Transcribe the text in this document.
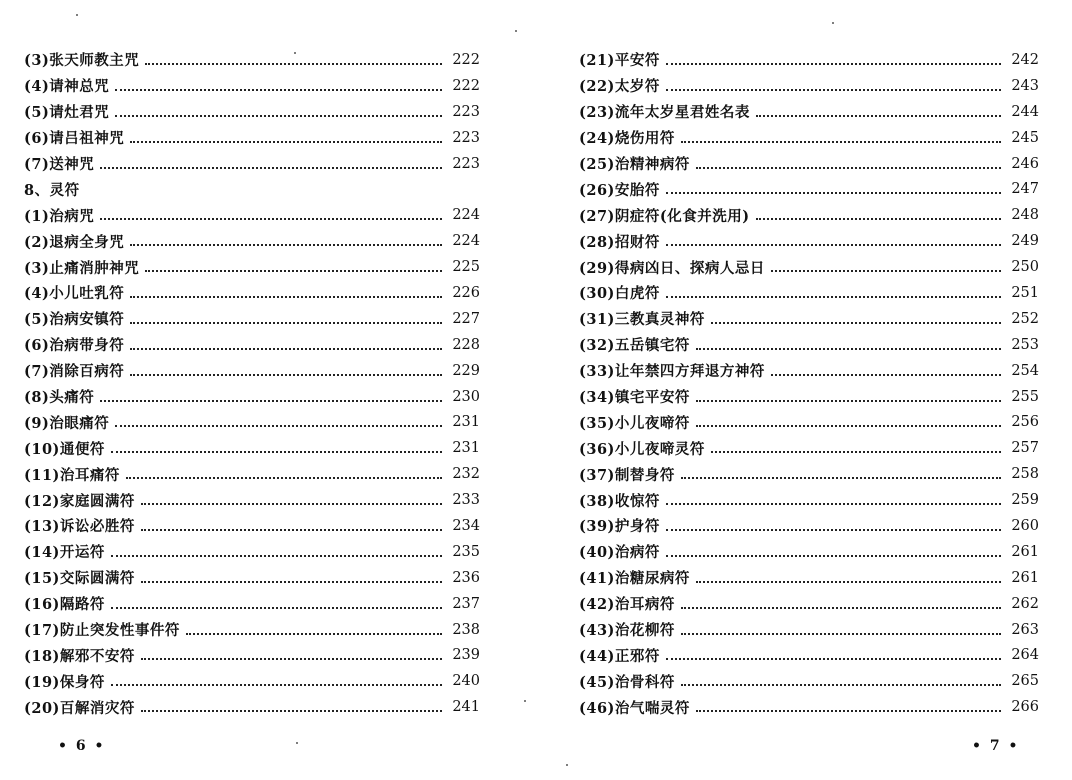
(3)张天师教主咒	222
(4)请神总咒	222
(5)请灶君咒	223
(6)请吕祖神咒	223
(7)送神咒	223
8、灵符
(1)治病咒	224
(2)退病全身咒	224
(3)止痛消肿神咒	225
(4)小儿吐乳符	226
(5)治病安镇符	227
(6)治病带身符	228
(7)消除百病符	229
(8)头痛符	230
(9)治眼痛符	231
(10)通便符	231
(11)治耳痛符	232
(12)家庭圆满符	233
(13)诉讼必胜符	234
(14)开运符	235
(15)交际圆满符	236
(16)隔路符	237
(17)防止突发性事件符	238
(18)解邪不安符	239
(19)保身符	240
(20)百解消灾符	241
• 6 •
(21)平安符	242
(22)太岁符	243
(23)流年太岁星君姓名表	244
(24)烧伤用符	245
(25)治精神病符	246
(26)安胎符	247
(27)阴症符(化食并洗用)	248
(28)招财符	249
(29)得病凶日、探病人忌日	250
(30)白虎符	251
(31)三教真灵神符	252
(32)五岳镇宅符	253
(33)让年禁四方拜退方神符	254
(34)镇宅平安符	255
(35)小儿夜啼符	256
(36)小儿夜啼灵符	257
(37)制替身符	258
(38)收惊符	259
(39)护身符	260
(40)治病符	261
(41)治糖尿病符	261
(42)治耳病符	262
(43)治花柳符	263
(44)正邪符	264
(45)治骨科符	265
(46)治气喘灵符	266
• 7 •
